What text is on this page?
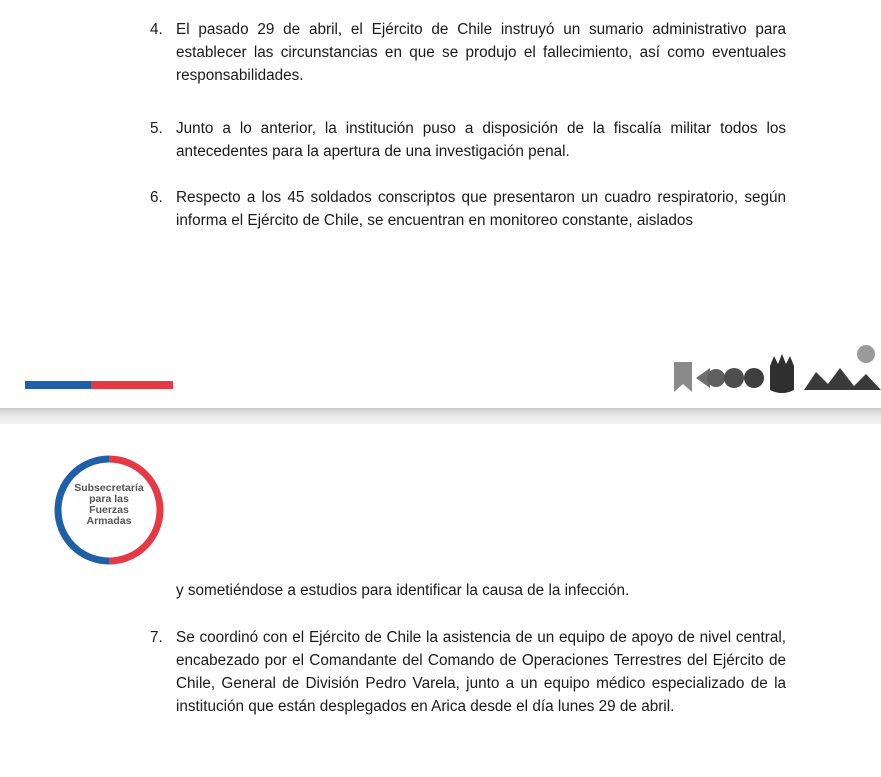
4. El pasado 29 de abril, el Ejército de Chile instruyó un sumario administrativo para establecer las circunstancias en que se produjo el fallecimiento, así como eventuales responsabilidades.
5. Junto a lo anterior, la institución puso a disposición de la fiscalía militar todos los antecedentes para la apertura de una investigación penal.
6. Respecto a los 45 soldados conscriptos que presentaron un cuadro respiratorio, según informa el Ejército de Chile, se encuentran en monitoreo constante, aislados
Subsecretaría
para las
Fuerzas
Armadas
y sometiéndose a estudios para identificar la causa de la infección.
7. Se coordinó con el Ejército de Chile la asistencia de un equipo de apoyo de nivel central, encabezado por el Comandante del Comando de Operaciones Terrestres del Ejército de Chile, General de División Pedro Varela, junto a un equipo médico especializado de la institución que están desplegados en Arica desde el día lunes 29 de abril.
